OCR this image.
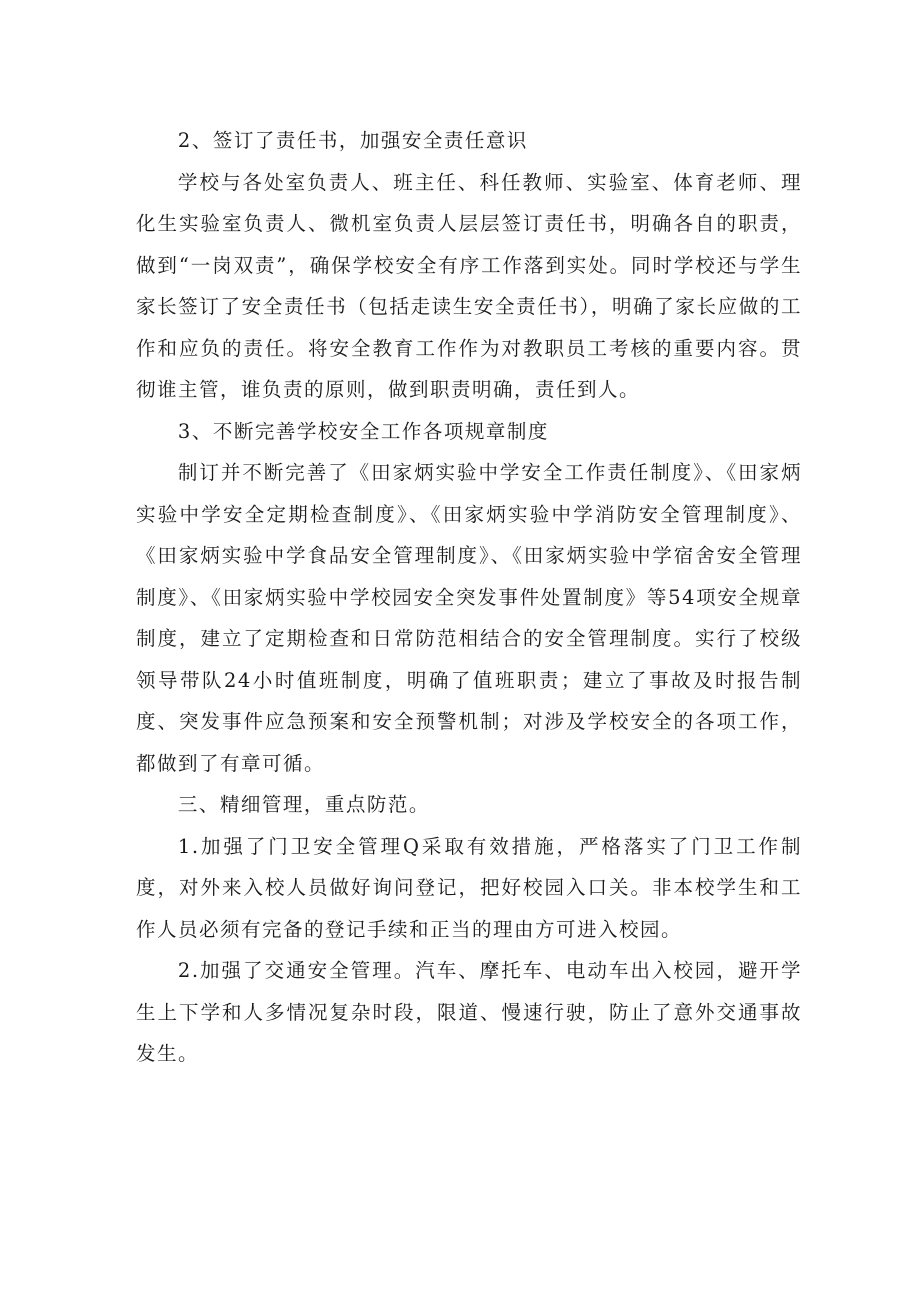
2、签订了责任书，加强安全责任意识

学校与各处室负责人、班主任、科任教师、实验室、体育老师、理化生实验室负责人、微机室负责人层层签订责任书，明确各自的职责，做到“一岗双责”，确保学校安全有序工作落到实处。同时学校还与学生家长签订了安全责任书（包括走读生安全责任书），明确了家长应做的工作和应负的责任。将安全教育工作作为对教职员工考核的重要内容。贯彻谁主管，谁负责的原则，做到职责明确，责任到人。

3、不断完善学校安全工作各项规章制度

制订并不断完善了《田家炳实验中学安全工作责任制度》、《田家炳实验中学安全定期检查制度》、《田家炳实验中学消防安全管理制度》、《田家炳实验中学食品安全管理制度》、《田家炳实验中学宿舍安全管理制度》、《田家炳实验中学校园安全突发事件处置制度》等54项安全规章制度，建立了定期检查和日常防范相结合的安全管理制度。实行了校级领导带队24小时值班制度，明确了值班职责；建立了事故及时报告制度、突发事件应急预案和安全预警机制；对涉及学校安全的各项工作，都做到了有章可循。

三、精细管理，重点防范。

1.加强了门卫安全管理Q采取有效措施，严格落实了门卫工作制度，对外来入校人员做好询问登记，把好校园入口关。非本校学生和工作人员必须有完备的登记手续和正当的理由方可进入校园。

2.加强了交通安全管理。汽车、摩托车、电动车出入校园，避开学生上下学和人多情况复杂时段，限道、慢速行驶，防止了意外交通事故发生。
